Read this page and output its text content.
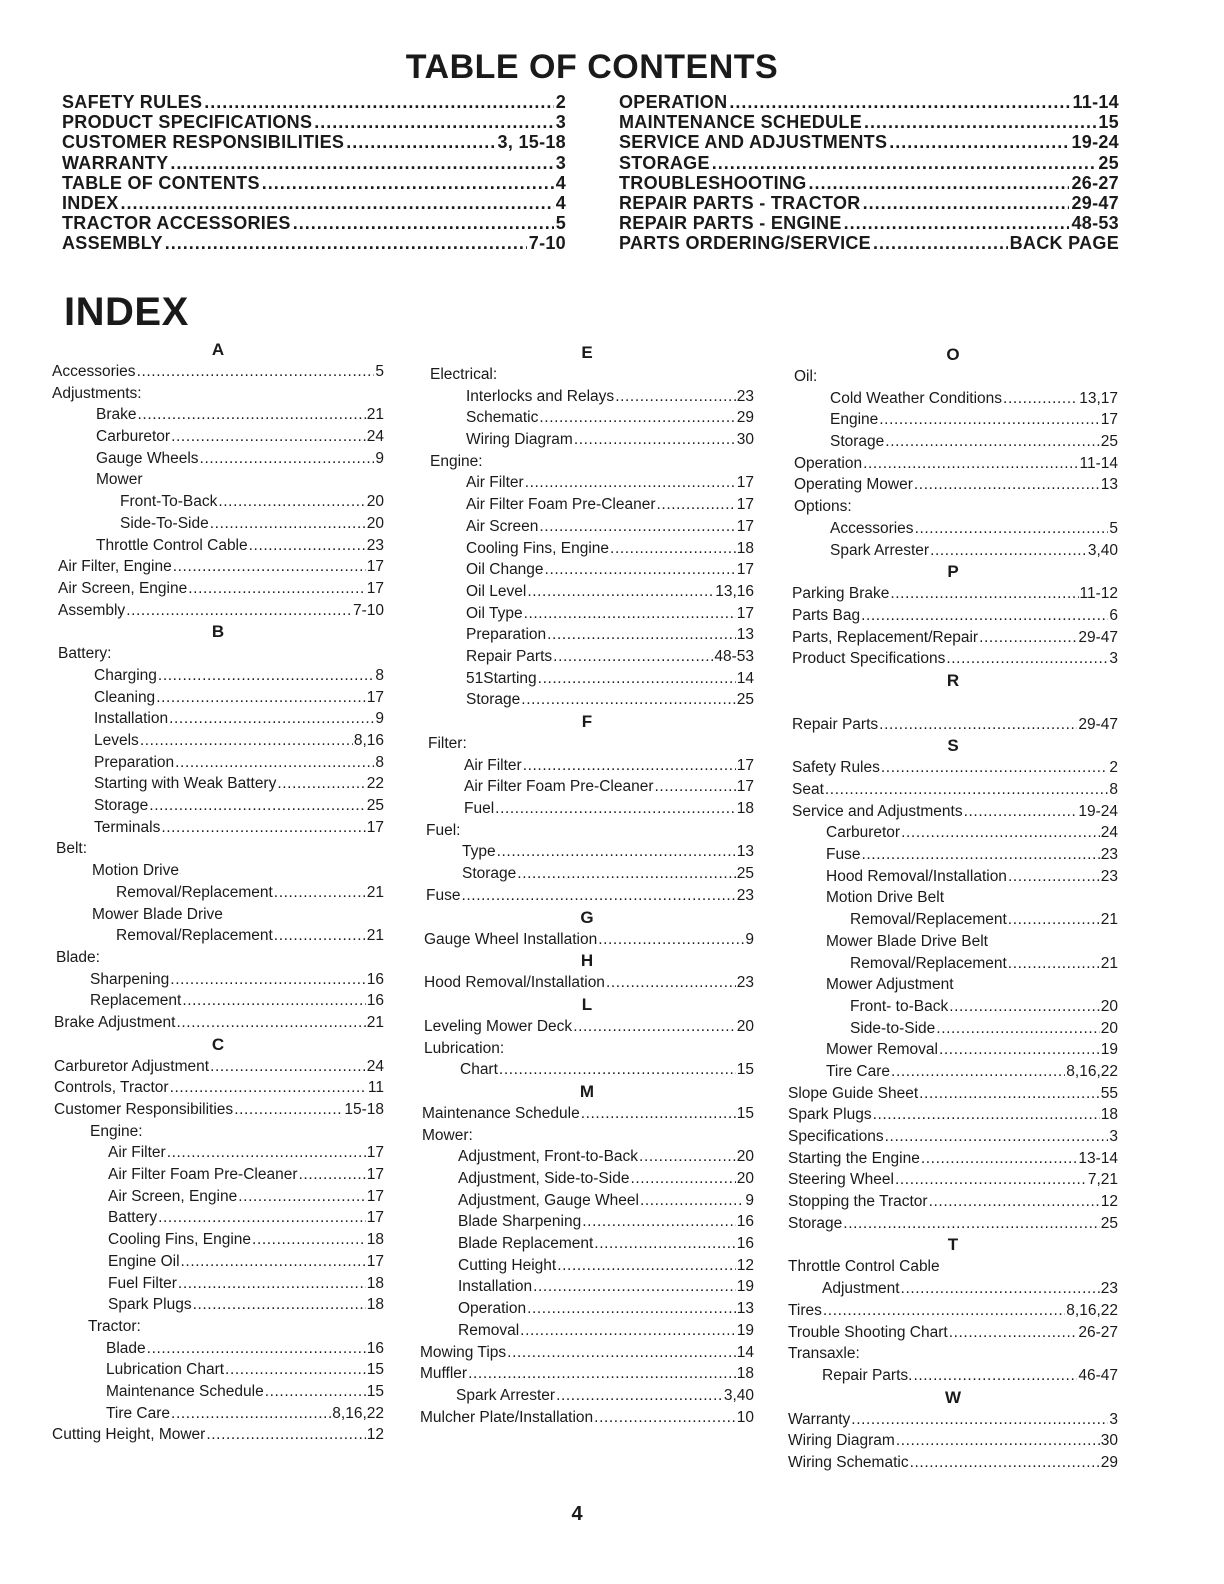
TABLE OF CONTENTS
SAFETY RULES .....	2
PRODUCT SPECIFICATIONS .....	3
CUSTOMER RESPONSIBILITIES .....	3, 15-18
WARRANTY .....	3
TABLE OF CONTENTS .....	4
INDEX .....	4
TRACTOR ACCESSORIES .....	5
ASSEMBLY .....	7-10
OPERATION .....	11-14
MAINTENANCE SCHEDULE .....	15
SERVICE AND ADJUSTMENTS .....	19-24
STORAGE .....	25
TROUBLESHOOTING .....	26-27
REPAIR PARTS - TRACTOR .....	29-47
REPAIR PARTS - ENGINE .....	48-53
PARTS ORDERING/SERVICE .....	BACK PAGE
INDEX
A
Accessories .....	5
Adjustments:
Brake .....	21
Carburetor .....	24
Gauge Wheels .....	9
Mower
Front-To-Back .....	20
Side-To-Side .....	20
Throttle Control Cable .....	23
Air Filter, Engine .....	17
Air Screen, Engine .....	17
Assembly .....	7-10
B
Battery:
Charging .....	8
Cleaning .....	17
Installation .....	9
Levels .....	8,16
Preparation .....	8
Starting with Weak Battery .....	22
Storage .....	25
Terminals .....	17
Belt:
Motion Drive
Removal/Replacement .....	21
Mower Blade Drive
Removal/Replacement .....	21
Blade:
Sharpening .....	16
Replacement .....	16
Brake Adjustment .....	21
C
Carburetor Adjustment .....	24
Controls, Tractor .....	11
Customer Responsibilities .....	15-18
Engine:
Air Filter .....	17
Air Filter Foam Pre-Cleaner .....	17
Air Screen, Engine .....	17
Battery .....	17
Cooling Fins, Engine .....	18
Engine Oil .....	17
Fuel Filter .....	18
Spark Plugs .....	18
Tractor:
Blade .....	16
Lubrication Chart .....	15
Maintenance Schedule .....	15
Tire Care .....	8,16,22
Cutting Height, Mower .....	12
E
Electrical:
Interlocks and Relays .....	23
Schematic .....	29
Wiring Diagram .....	30
Engine:
Air Filter .....	17
Air Filter Foam Pre-Cleaner .....	17
Air Screen .....	17
Cooling Fins, Engine .....	18
Oil Change .....	17
Oil Level .....	13,16
Oil Type .....	17
Preparation .....	13
Repair Parts .....	48-53
51Starting .....	14
Storage .....	25
F
Filter:
Air Filter .....	17
Air Filter Foam Pre-Cleaner .....	17
Fuel .....	18
Fuel:
Type .....	13
Storage .....	25
Fuse .....	23
G
Gauge Wheel Installation .....	9
H
Hood Removal/Installation .....	23
L
Leveling Mower Deck .....	20
Lubrication:
Chart .....	15
M
Maintenance Schedule .....	15
Mower:
Adjustment, Front-to-Back .....	20
Adjustment, Side-to-Side .....	20
Adjustment, Gauge Wheel .....	9
Blade Sharpening .....	16
Blade Replacement .....	16
Cutting Height .....	12
Installation .....	19
Operation .....	13
Removal .....	19
Mowing Tips .....	14
Muffler .....	18
Spark Arrester .....	3,40
Mulcher Plate/Installation .....	10
O
Oil:
Cold Weather Conditions .....	13,17
Engine .....	17
Storage .....	25
Operation .....	11-14
Operating Mower .....	13
Options:
Accessories .....	5
Spark Arrester .....	3,40
P
Parking Brake .....	11-12
Parts Bag .....	6
Parts, Replacement/Repair .....	29-47
Product Specifications .....	3
R
Repair Parts .....	29-47
S
Safety Rules .....	2
Seat .....	8
Service and Adjustments .....	19-24
Carburetor .....	24
Fuse .....	23
Hood Removal/Installation .....	23
Motion Drive Belt
Removal/Replacement .....	21
Mower Blade Drive Belt
Removal/Replacement .....	21
Mower Adjustment
Front- to-Back .....	20
Side-to-Side .....	20
Mower Removal .....	19
Tire Care .....	8,16,22
Slope Guide Sheet .....	55
Spark Plugs .....	18
Specifications .....	3
Starting the Engine .....	13-14
Steering Wheel .....	7,21
Stopping the Tractor .....	12
Storage .....	25
T
Throttle Control Cable
Adjustment .....	23
Tires .....	8,16,22
Trouble Shooting Chart .....	26-27
Transaxle:
Repair Parts. .....	46-47
W
Warranty .....	3
Wiring Diagram .....	30
Wiring Schematic .....	29
4
